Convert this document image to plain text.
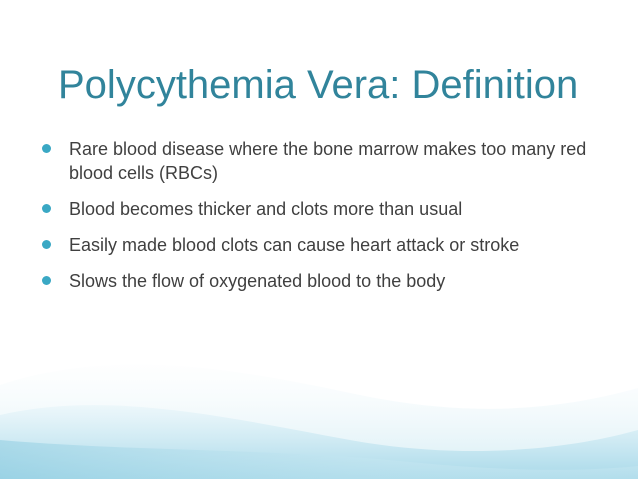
Polycythemia Vera: Definition
Rare blood disease where the bone marrow makes too many red blood cells (RBCs)
Blood becomes thicker and clots more than usual
Easily made blood clots can cause heart attack or stroke
Slows the flow of oxygenated blood to the body
